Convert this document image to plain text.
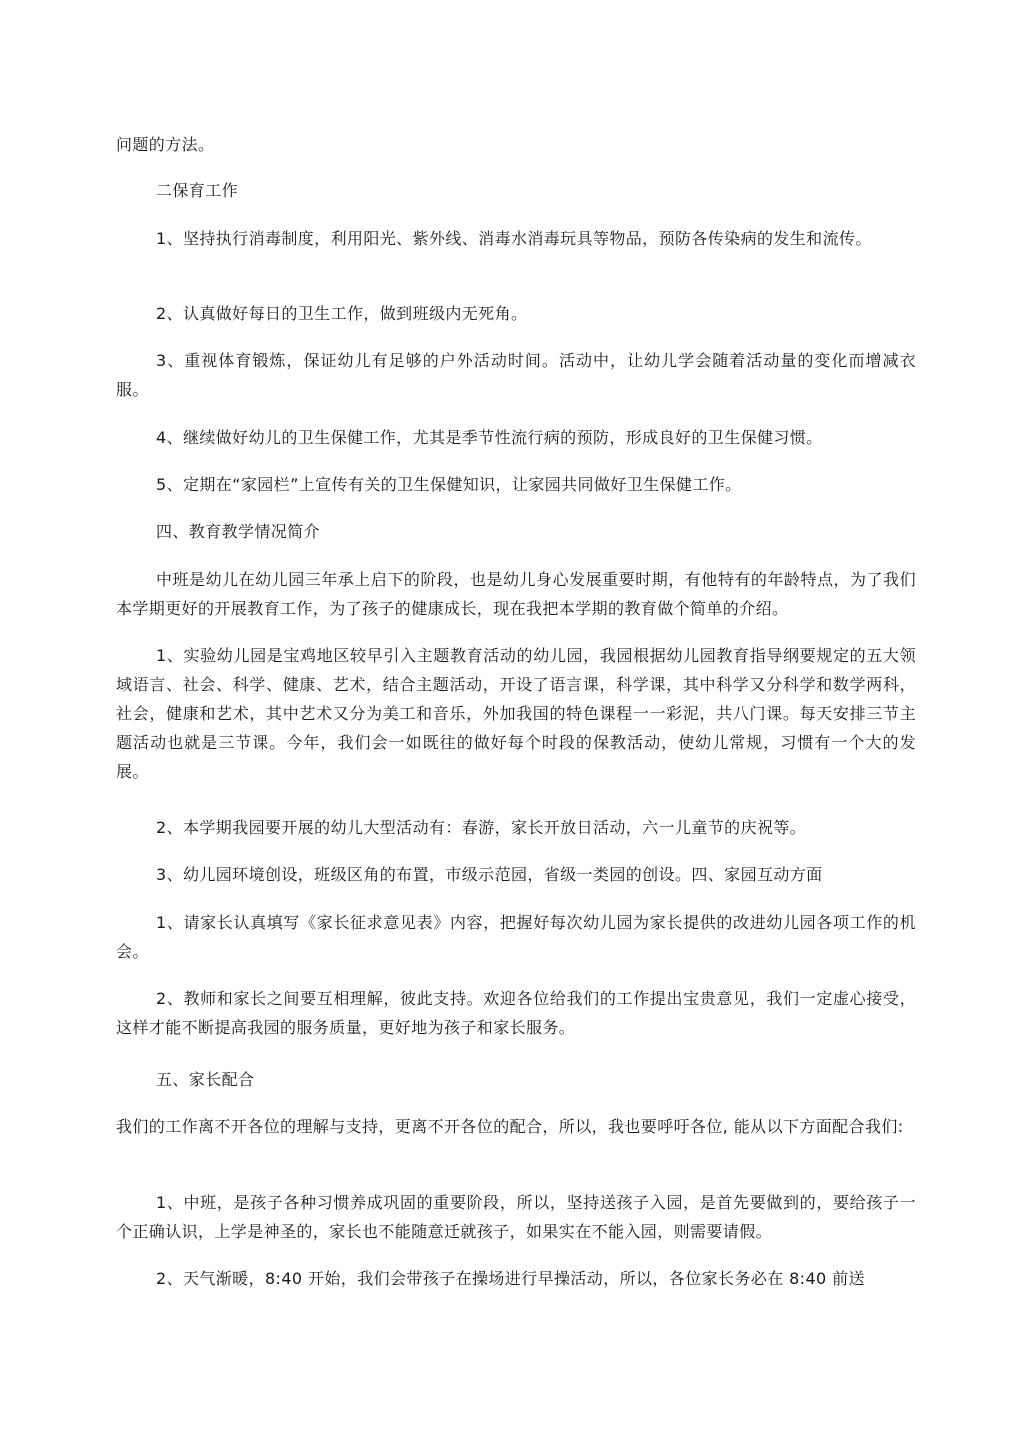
问题的方法。

二保育工作

1、坚持执行消毒制度，利用阳光、紫外线、消毒水消毒玩具等物品，预防各传染病的发生和流传。

2、认真做好每日的卫生工作，做到班级内无死角。

3、重视体育锻炼，保证幼儿有足够的户外活动时间。活动中，让幼儿学会随着活动量的变化而增减衣服。

4、继续做好幼儿的卫生保健工作，尤其是季节性流行病的预防，形成良好的卫生保健习惯。

5、定期在“家园栏”上宣传有关的卫生保健知识，让家园共同做好卫生保健工作。

四、教育教学情况简介

中班是幼儿在幼儿园三年承上启下的阶段，也是幼儿身心发展重要时期，有他特有的年龄特点，为了我们本学期更好的开展教育工作，为了孩子的健康成长，现在我把本学期的教育做个简单的介绍。

1、实验幼儿园是宝鸡地区较早引入主题教育活动的幼儿园，我园根据幼儿园教育指导纲要规定的五大领域语言、社会、科学、健康、艺术，结合主题活动，开设了语言课，科学课，其中科学又分科学和数学两科，社会，健康和艺术，其中艺术又分为美工和音乐，外加我国的特色课程一一彩泥，共八门课。每天安排三节主题活动也就是三节课。今年，我们会一如既往的做好每个时段的保教活动，使幼儿常规，习惯有一个大的发展。

2、本学期我园要开展的幼儿大型活动有：春游，家长开放日活动，六一儿童节的庆祝等。

3、幼儿园环境创设，班级区角的布置，市级示范园，省级一类园的创设。四、家园互动方面

1、请家长认真填写《家长征求意见表》内容，把握好每次幼儿园为家长提供的改进幼儿园各项工作的机会。

2、教师和家长之间要互相理解，彼此支持。欢迎各位给我们的工作提出宝贵意见，我们一定虚心接受，这样才能不断提高我园的服务质量，更好地为孩子和家长服务。

五、家长配合

我们的工作离不开各位的理解与支持，更离不开各位的配合，所以，我也要呼吁各位, 能从以下方面配合我们:

1、中班，是孩子各种习惯养成巩固的重要阶段，所以，坚持送孩子入园，是首先要做到的，要给孩子一个正确认识，上学是神圣的，家长也不能随意迁就孩子，如果实在不能入园，则需要请假。

2、天气渐暖，8:40 开始，我们会带孩子在操场进行早操活动，所以，各位家长务必在 8:40 前送
